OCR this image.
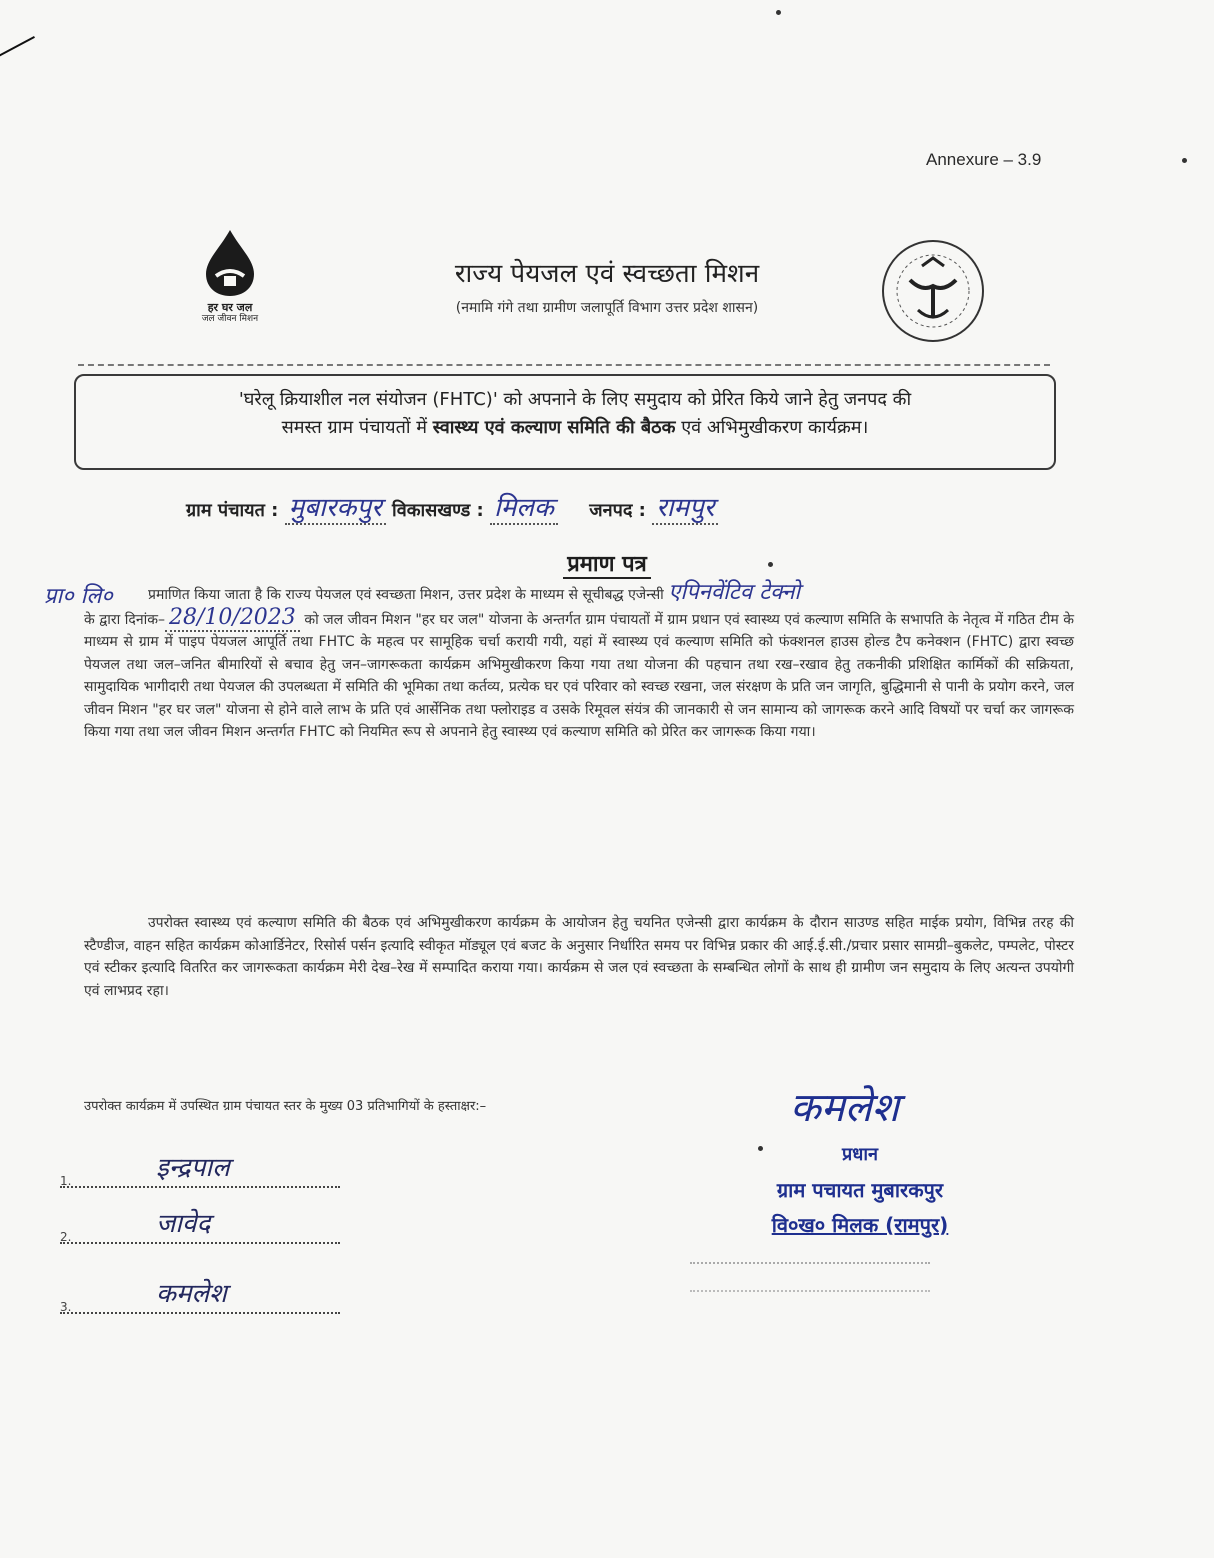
Annexure – 3.9
हर घर जल
जल जीवन मिशन
राज्य पेयजल एवं स्वच्छता मिशन
(नमामि गंगे तथा ग्रामीण जलापूर्ति विभाग उत्तर प्रदेश शासन)
'घरेलू क्रियाशील नल संयोजन (FHTC)' को अपनाने के लिए समुदाय को प्रेरित किये जाने हेतु जनपद की
समस्त ग्राम पंचायतों में स्वास्थ्य एवं कल्याण समिति की बैठक एवं अभिमुखीकरण कार्यक्रम।
ग्राम पंचायत : मुबारकपुर विकासखण्ड : मिलक जनपद : रामपुर
प्रमाण पत्र
प्रा० लि०	प्रमाणित किया जाता है कि राज्य पेयजल एवं स्वच्छता मिशन, उत्तर प्रदेश के माध्यम से सूचीबद्ध एजेन्सी एपिनवेंटिव टेक्नो
के द्वारा दिनांक– 28/10/2023 को जल जीवन मिशन "हर घर जल" योजना के अन्तर्गत ग्राम पंचायतों में ग्राम प्रधान एवं स्वास्थ्य एवं कल्याण समिति के सभापति के नेतृत्व में गठित टीम के माध्यम से ग्राम में पाइप पेयजल आपूर्ति तथा FHTC के महत्व पर सामूहिक चर्चा करायी गयी, यहां में स्वास्थ्य एवं कल्याण समिति को फंक्शनल हाउस होल्ड टैप कनेक्शन (FHTC) द्वारा स्वच्छ पेयजल तथा जल–जनित बीमारियों से बचाव हेतु जन–जागरूकता कार्यक्रम अभिमुखीकरण किया गया तथा योजना की पहचान तथा रख–रखाव हेतु तकनीकी प्रशिक्षित कार्मिकों की सक्रियता, सामुदायिक भागीदारी तथा पेयजल की उपलब्धता में समिति की भूमिका तथा कर्तव्य, प्रत्येक घर एवं परिवार को स्वच्छ रखना, जल संरक्षण के प्रति जन जागृति, बुद्धिमानी से पानी के प्रयोग करने, जल जीवन मिशन "हर घर जल" योजना से होने वाले लाभ के प्रति एवं आर्सेनिक तथा फ्लोराइड व उसके रिमूवल संयंत्र की जानकारी से जन सामान्य को जागरूक करने आदि विषयों पर चर्चा कर जागरूक किया गया तथा जल जीवन मिशन अन्तर्गत FHTC को नियमित रूप से अपनाने हेतु स्वास्थ्य एवं कल्याण समिति को प्रेरित कर जागरूक किया गया।
उपरोक्त स्वास्थ्य एवं कल्याण समिति की बैठक एवं अभिमुखीकरण कार्यक्रम के आयोजन हेतु चयनित एजेन्सी द्वारा कार्यक्रम के दौरान साउण्ड सहित माईक प्रयोग, विभिन्न तरह की स्टैण्डीज, वाहन सहित कार्यक्रम कोआर्डिनेटर, रिसोर्स पर्सन इत्यादि स्वीकृत मॉड्यूल एवं बजट के अनुसार निर्धारित समय पर विभिन्न प्रकार की आई.ई.सी./प्रचार प्रसार सामग्री–बुकलेट, पम्पलेट, पोस्टर एवं स्टीकर इत्यादि वितरित कर जागरूकता कार्यक्रम मेरी देख–रेख में सम्पादित कराया गया। कार्यक्रम से जल एवं स्वच्छता के सम्बन्धित लोगों के साथ ही ग्रामीण जन समुदाय के लिए अत्यन्त उपयोगी एवं लाभप्रद रहा।
उपरोक्त कार्यक्रम में उपस्थित ग्राम पंचायत स्तर के मुख्य 03 प्रतिभागियों के हस्ताक्षर:–
1.	इन्द्रपाल
2.	जावेद
3.	कमलेश
कमलेश
प्रधान
ग्राम पचायत मुबारकपुर
वि०ख० मिलक (रामपुर)
